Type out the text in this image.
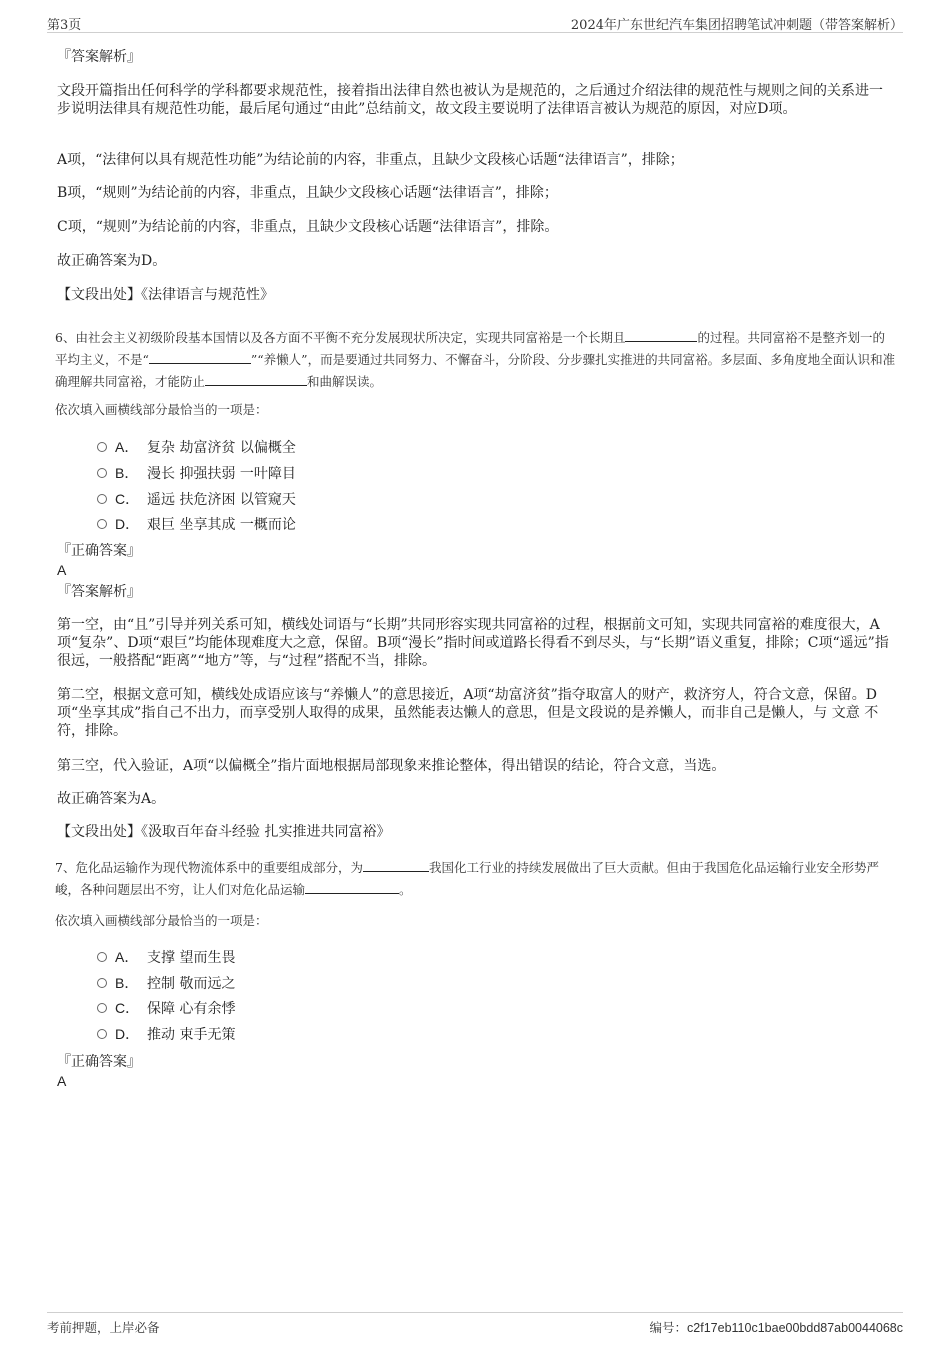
第3页	2024年广东世纪汽车集团招聘笔试冲刺题（带答案解析）
『答案解析』
文段开篇指出任何科学的学科都要求规范性，接着指出法律自然也被认为是规范的，之后通过介绍法律的规范性与规则之间的关系进一步说明法律具有规范性功能，最后尾句通过“由此”总结前文，故文段主要说明了法律语言被认为规范的原因，对应D项。
A项，“法律何以具有规范性功能”为结论前的内容，非重点，且缺少文段核心话题“法律语言”，排除；
B项，“规则”为结论前的内容，非重点，且缺少文段核心话题“法律语言”，排除；
C项，“规则”为结论前的内容，非重点，且缺少文段核心话题“法律语言”，排除。
故正确答案为D。
【文段出处】《法律语言与规范性》
6、由社会主义初级阶段基本国情以及各方面不平衡不充分发展现状所决定，实现共同富裕是一个长期且	的过程。共同富裕不是整齐划一的平均主义，不是“	”“养懒人”，而是要通过共同努力、不懈奋斗，分阶段、分步骤扎实推进的共同富裕。多层面、多角度地全面认识和准确理解共同富裕，才能防止	和曲解误读。
依次填入画横线部分最恰当的一项是：
A． 复杂 劫富济贫 以偏概全
B． 漫长 抑强扶弱 一叶障目
C． 遥远 扶危济困 以管窥天
D． 艰巨 坐享其成 一概而论
『正确答案』
A
『答案解析』
第一空，由“且”引导并列关系可知，横线处词语与“长期”共同形容实现共同富裕的过程，根据前文可知，实现共同富裕的难度很大，A项“复杂”、D项“艰巨”均能体现难度大之意，保留。B项“漫长”指时间或道路长得看不到尽头，与“长期”语义重复，排除；C项“遥远”指很远，一般搭配“距离”“地方”等，与“过程”搭配不当，排除。
第二空，根据文意可知，横线处成语应该与“养懒人”的意思接近，A项“劫富济贫”指夺取富人的财产，救济穷人，符合文意，保留。D项“坐享其成”指自己不出力，而享受别人取得的成果，虽然能表达懒人的意思，但是文段说的是养懒人，而非自己是懒人，与 文意 不符，排除。
第三空，代入验证，A项“以偏概全”指片面地根据局部现象来推论整体，得出错误的结论，符合文意，当选。
故正确答案为A。
【文段出处】《汲取百年奋斗经验 扎实推进共同富裕》
7、危化品运输作为现代物流体系中的重要组成部分，为	我国化工行业的持续发展做出了巨大贡献。但由于我国危化品运输行业安全形势严峻，各种问题层出不穷，让人们对危化品运输	。
依次填入画横线部分最恰当的一项是：
A． 支撑 望而生畏
B． 控制 敬而远之
C． 保障 心有余悸
D． 推动 束手无策
『正确答案』
A
考前押题，上岸必备	编号：c2f17eb110c1bae00bdd87ab0044068c
